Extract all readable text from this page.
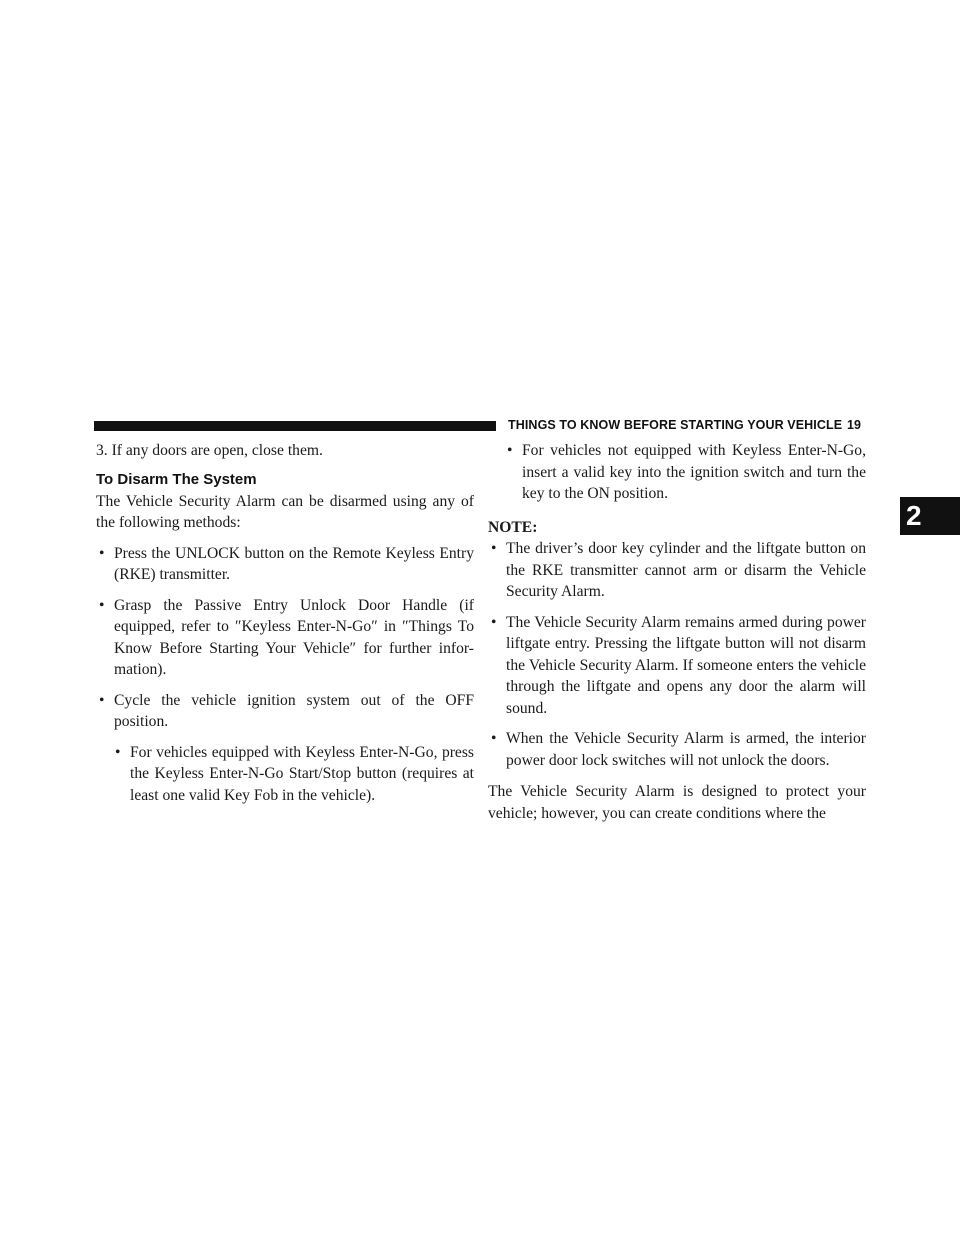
THINGS TO KNOW BEFORE STARTING YOUR VEHICLE 19
2

3. If any doors are open, close them.

To Disarm The System

The Vehicle Security Alarm can be disarmed using any of the following methods:

• Press the UNLOCK button on the Remote Keyless Entry (RKE) transmitter.
• Grasp the Passive Entry Unlock Door Handle (if equipped, refer to ″Keyless Enter-N-Go″ in ″Things To Know Before Starting Your Vehicle″ for further infor-mation).
• Cycle the vehicle ignition system out of the OFF position.
• For vehicles equipped with Keyless Enter-N-Go, press the Keyless Enter-N-Go Start/Stop button (requires at least one valid Key Fob in the vehicle).
• For vehicles not equipped with Keyless Enter-N-Go, insert a valid key into the ignition switch and turn the key to the ON position.

NOTE:

• The driver’s door key cylinder and the liftgate button on the RKE transmitter cannot arm or disarm the Vehicle Security Alarm.
• The Vehicle Security Alarm remains armed during power liftgate entry. Pressing the liftgate button will not disarm the Vehicle Security Alarm. If someone enters the vehicle through the liftgate and opens any door the alarm will sound.
• When the Vehicle Security Alarm is armed, the interior power door lock switches will not unlock the doors.

The Vehicle Security Alarm is designed to protect your vehicle; however, you can create conditions where the
